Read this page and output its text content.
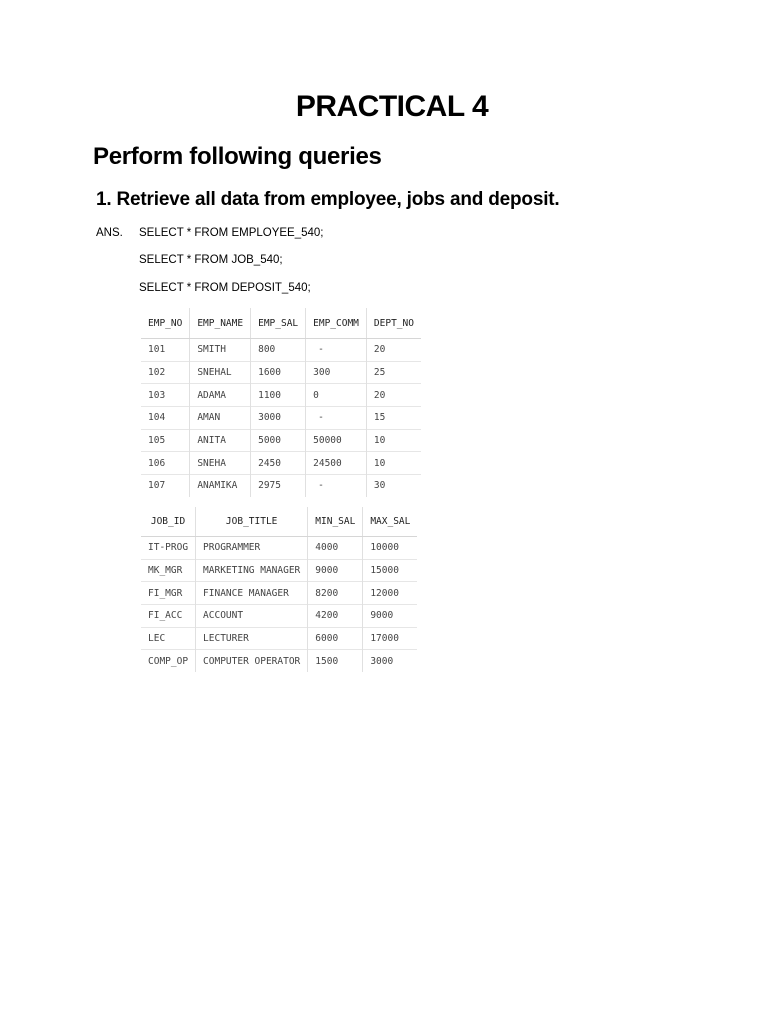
PRACTICAL 4
Perform following queries
1. Retrieve all data from employee, jobs and deposit.
ANS. SELECT * FROM EMPLOYEE_540;
SELECT * FROM JOB_540;
SELECT * FROM DEPOSIT_540;
EMP_NO	EMP_NAME	EMP_SAL	EMP_COMM	DEPT_NO
101	SMITH	800	-	20
102	SNEHAL	1600	300	25
103	ADAMA	1100	0	20
104	AMAN	3000	-	15
105	ANITA	5000	50000	10
106	SNEHA	2450	24500	10
107	ANAMIKA	2975	-	30
JOB_ID	JOB_TITLE	MIN_SAL	MAX_SAL
IT-PROG	PROGRAMMER	4000	10000
MK_MGR	MARKETING MANAGER	9000	15000
FI_MGR	FINANCE MANAGER	8200	12000
FI_ACC	ACCOUNT	4200	9000
LEC	LECTURER	6000	17000
COMP_OP	COMPUTER OPERATOR	1500	3000
